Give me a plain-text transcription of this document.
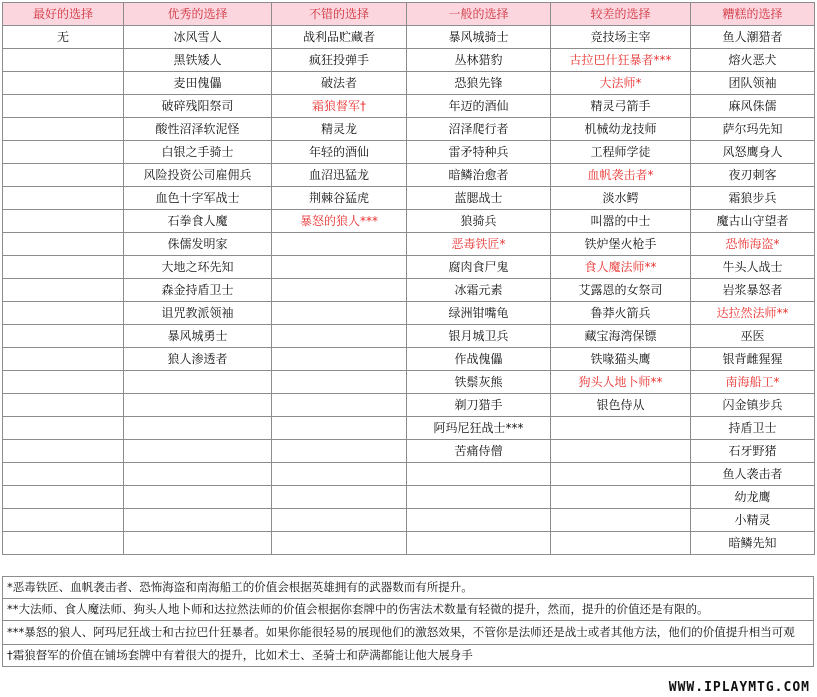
最好的选择	优秀的选择	不错的选择	一般的选择	较差的选择	糟糕的选择
无	冰风雪人	战利品贮藏者	暴风城骑士	竞技场主宰	鱼人潮猎者
	黑铁矮人	疯狂投弹手	丛林猎豹	古拉巴什狂暴者***	熔火恶犬
	麦田傀儡	破法者	恐狼先锋	大法师*	团队领袖
	破碎残阳祭司	霜狼督军†	年迈的酒仙	精灵弓箭手	麻风侏儒
	酸性沼泽软泥怪	精灵龙	沼泽爬行者	机械幼龙技师	萨尔玛先知
	白银之手骑士	年轻的酒仙	雷矛特种兵	工程师学徒	风怒鹰身人
	风险投资公司雇佣兵	血沼迅猛龙	暗鳞治愈者	血帆袭击者*	夜刃刺客
	血色十字军战士	荆棘谷猛虎	蓝腮战士	淡水鳄	霜狼步兵
	石拳食人魔	暴怒的狼人***	狼骑兵	叫嚣的中士	魔古山守望者
	侏儒发明家		恶毒铁匠*	铁炉堡火枪手	恐怖海盗*
	大地之环先知		腐肉食尸鬼	食人魔法师**	牛头人战士
	森金持盾卫士		冰霜元素	艾露恩的女祭司	岩浆暴怒者
	诅咒教派领袖		绿洲钳嘴龟	鲁莽火箭兵	达拉然法师**
	暴风城勇士		银月城卫兵	藏宝海湾保镖	巫医
	狼人渗透者		作战傀儡	铁喙猫头鹰	银背雌猩猩
			铁鬃灰熊	狗头人地卜师**	南海船工*
			剃刀猎手	银色侍从	闪金镇步兵
			阿玛尼狂战士***		持盾卫士
			苦痛侍僧		石牙野猪
					鱼人袭击者
					幼龙鹰
					小精灵
					暗鳞先知
*恶毒铁匠、血帆袭击者、恐怖海盗和南海船工的价值会根据英雄拥有的武器数而有所提升。
**大法师、食人魔法师、狗头人地卜师和达拉然法师的价值会根据你套牌中的伤害法术数量有轻微的提升，然而，提升的价值还是有限的。
***暴怒的狼人、阿玛尼狂战士和古拉巴什狂暴者。如果你能很轻易的展现他们的激怒效果，不管你是法师还是战士或者其他方法，他们的价值提升相当可观
†霜狼督军的价值在铺场套牌中有着很大的提升，比如术士、圣骑士和萨满都能让他大展身手
WWW.IPLAYMTG.COM
